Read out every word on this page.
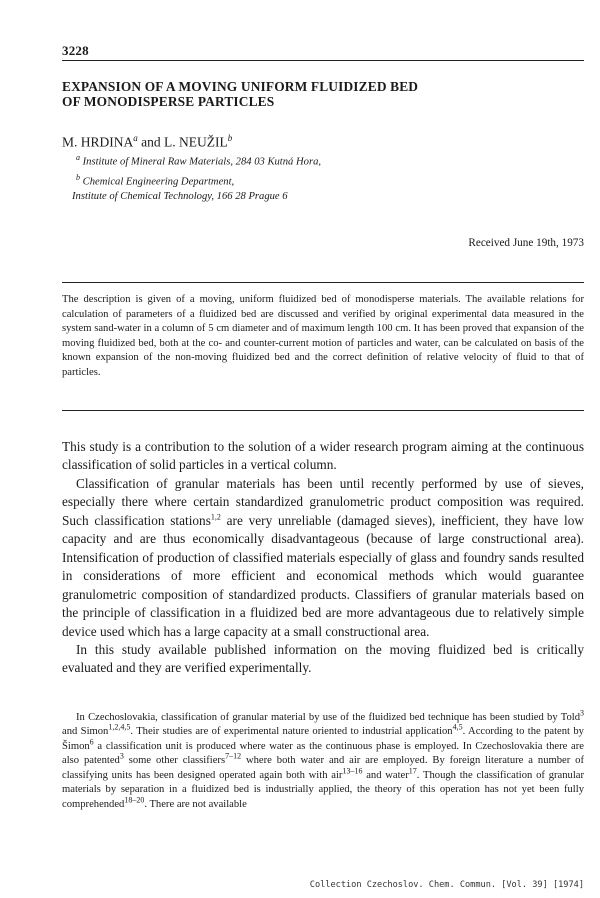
3228
EXPANSION OF A MOVING UNIFORM FLUIDIZED BED
OF MONODISPERSE PARTICLES
M. HRDINA$^a$ and L. NEUŽIL$^b$
$^a$ Institute of Mineral Raw Materials, 284 03 Kutná Hora,
$^b$ Chemical Engineering Department,
Institute of Chemical Technology, 166 28 Prague 6
Received June 19th, 1973
The description is given of a moving, uniform fluidized bed of monodisperse materials. The available relations for calculation of parameters of a fluidized bed are discussed and verified by original experimental data measured in the system sand-water in a column of 5 cm diameter and of maximum length 100 cm. It has been proved that expansion of the moving fluidized bed, both at the co- and counter-current motion of particles and water, can be calculated on basis of the known expansion of the non-moving fluidized bed and the correct definition of relative velocity of fluid to that of particles.

This study is a contribution to the solution of a wider research program aiming at the continuous classification of solid particles in a vertical column.

Classification of granular materials has been until recently performed by use of sieves, especially there where certain standardized granulometric product composition was required. Such classification stations$^{1,2}$ are very unreliable (damaged sieves), inefficient, they have low capacity and are thus economically disadvantageous (because of large constructional area). Intensification of production of classified materials especially of glass and foundry sands resulted in considerations of more efficient and economical methods which would guarantee granulometric composition of standardized products. Classifiers of granular materials based on the principle of classification in a fluidized bed are more advantageous due to relatively simple device used which has a large capacity at a small constructional area.

In this study available published information on the moving fluidized bed is critically evaluated and they are verified experimentally.

In Czechoslovakia, classification of granular material by use of the fluidized bed technique has been studied by Told$^3$ and Simon$^{1,2,4,5}$. Their studies are of experimental nature oriented to industrial application$^{4,5}$. According to the patent by Šimon$^6$ a classification unit is produced where water as the continuous phase is employed. In Czechoslovakia there are also patented$^3$ some other classifiers$^{7-12}$ where both water and air are employed. By foreign literature a number of classifying units has been designed operated again both with air$^{13-16}$ and water$^{17}$. Though the classification of granular materials by separation in a fluidized bed is industrially applied, the theory of this operation has not yet been fully comprehended$^{18-20}$. There are not available

Collection Czechoslov. Chem. Commun. [Vol. 39] [1974]
